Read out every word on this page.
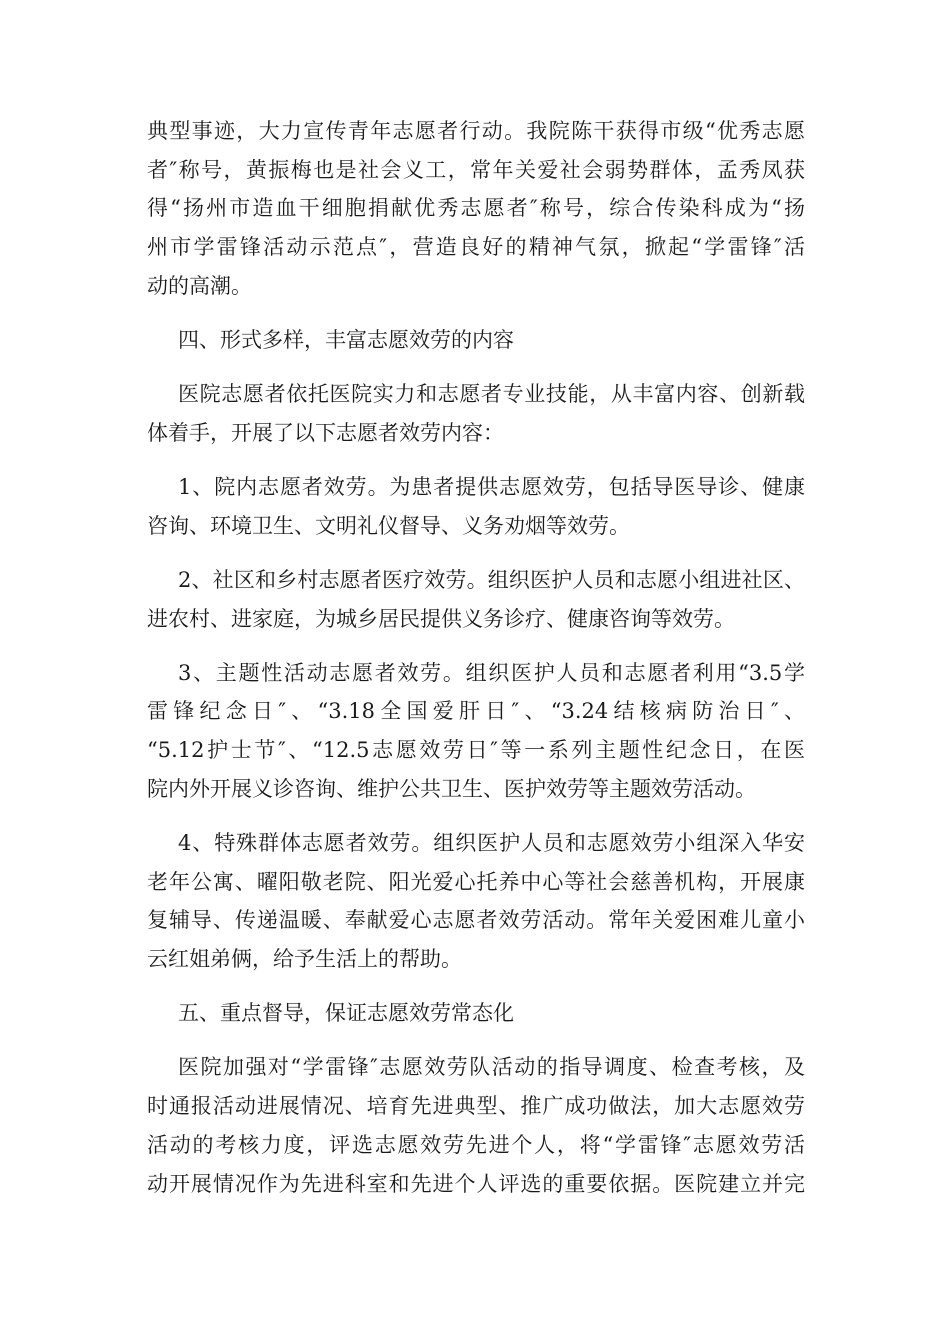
典型事迹，大力宣传青年志愿者行动。我院陈干获得市级“优秀志愿
者″称号，黄振梅也是社会义工，常年关爱社会弱势群体，孟秀凤获
得“扬州市造血干细胞捐献优秀志愿者″称号，综合传染科成为“扬
州市学雷锋活动示范点″，营造良好的精神气氛，掀起“学雷锋″活
动的高潮。
四、形式多样，丰富志愿效劳的内容
医院志愿者依托医院实力和志愿者专业技能，从丰富内容、创新载
体着手，开展了以下志愿者效劳内容：
1、院内志愿者效劳。为患者提供志愿效劳，包括导医导诊、健康
咨询、环境卫生、文明礼仪督导、义务劝烟等效劳。
2、社区和乡村志愿者医疗效劳。组织医护人员和志愿小组进社区、
进农村、进家庭，为城乡居民提供义务诊疗、健康咨询等效劳。
3、主题性活动志愿者效劳。组织医护人员和志愿者利用“3.5学
雷锋纪念日″、“3.18全国爱肝日″、“3.24结核病防治日″、
“5.12护士节″、“12.5志愿效劳日″等一系列主题性纪念日，在医
院内外开展义诊咨询、维护公共卫生、医护效劳等主题效劳活动。
4、特殊群体志愿者效劳。组织医护人员和志愿效劳小组深入华安
老年公寓、曜阳敬老院、阳光爱心托养中心等社会慈善机构，开展康
复辅导、传递温暖、奉献爱心志愿者效劳活动。常年关爱困难儿童小
云红姐弟俩，给予生活上的帮助。
五、重点督导，保证志愿效劳常态化
医院加强对“学雷锋″志愿效劳队活动的指导调度、检查考核，及
时通报活动进展情况、培育先进典型、推广成功做法，加大志愿效劳
活动的考核力度，评选志愿效劳先进个人，将“学雷锋″志愿效劳活
动开展情况作为先进科室和先进个人评选的重要依据。医院建立并完
